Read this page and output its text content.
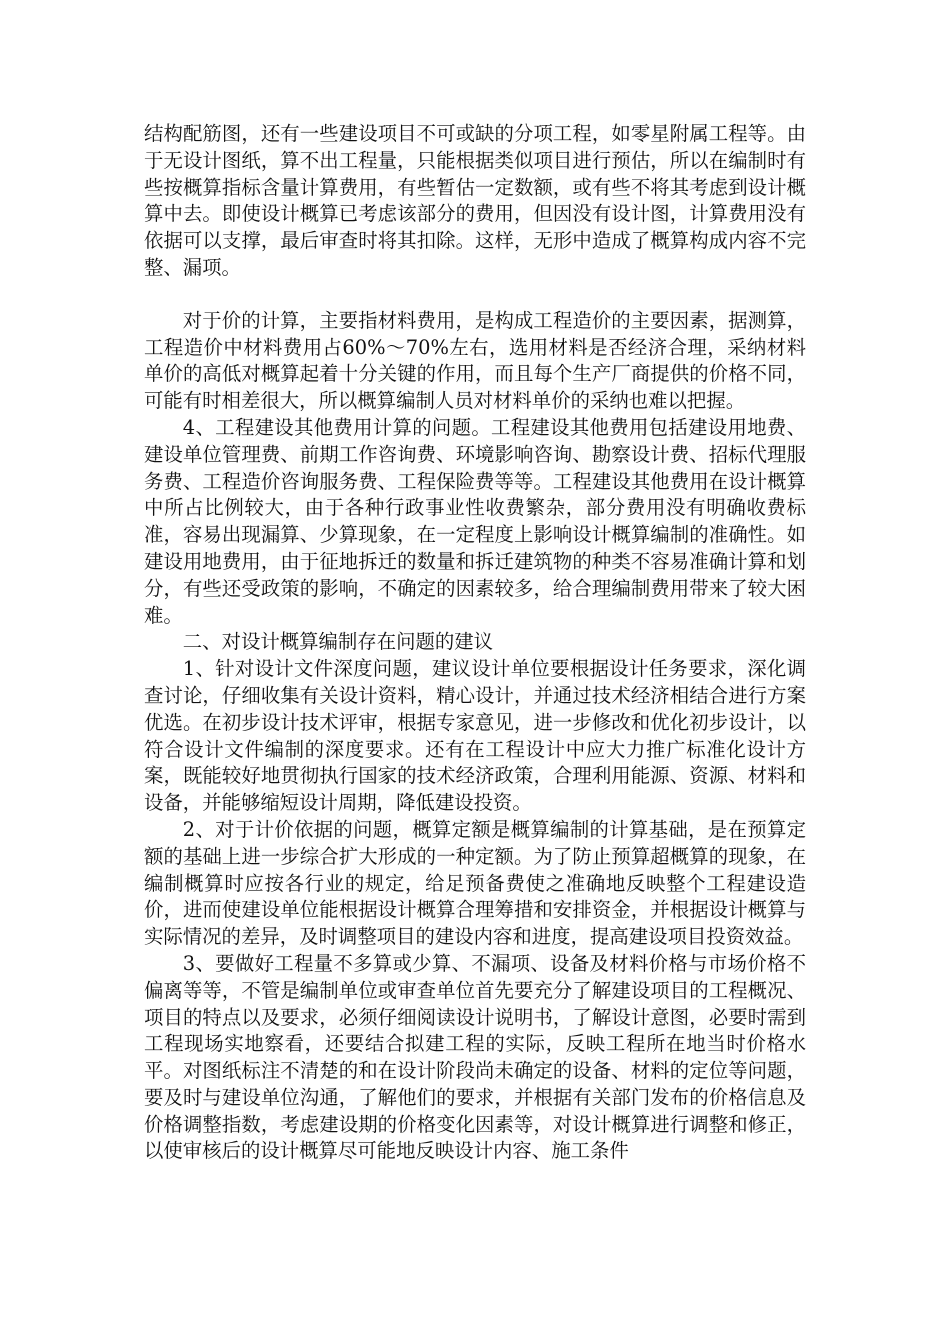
结构配筋图，还有一些建设项目不可或缺的分项工程，如零星附属工程等。由于无设计图纸，算不出工程量，只能根据类似项目进行预估，所以在编制时有些按概算指标含量计算费用，有些暂估一定数额，或有些不将其考虑到设计概算中去。即使设计概算已考虑该部分的费用，但因没有设计图，计算费用没有依据可以支撑，最后审查时将其扣除。这样，无形中造成了概算构成内容不完整、漏项。

对于价的计算，主要指材料费用，是构成工程造价的主要因素，据测算，工程造价中材料费用占60%～70%左右，选用材料是否经济合理，采纳材料单价的高低对概算起着十分关键的作用，而且每个生产厂商提供的价格不同，可能有时相差很大，所以概算编制人员对材料单价的采纳也难以把握。

4、工程建设其他费用计算的问题。工程建设其他费用包括建设用地费、建设单位管理费、前期工作咨询费、环境影响咨询、勘察设计费、招标代理服务费、工程造价咨询服务费、工程保险费等等。工程建设其他费用在设计概算中所占比例较大，由于各种行政事业性收费繁杂，部分费用没有明确收费标准，容易出现漏算、少算现象，在一定程度上影响设计概算编制的准确性。如建设用地费用，由于征地拆迁的数量和拆迁建筑物的种类不容易准确计算和划分，有些还受政策的影响，不确定的因素较多，给合理编制费用带来了较大困难。

二、对设计概算编制存在问题的建议

1、针对设计文件深度问题，建议设计单位要根据设计任务要求，深化调查讨论，仔细收集有关设计资料，精心设计，并通过技术经济相结合进行方案优选。在初步设计技术评审，根据专家意见，进一步修改和优化初步设计，以符合设计文件编制的深度要求。还有在工程设计中应大力推广标准化设计方案，既能较好地贯彻执行国家的技术经济政策，合理利用能源、资源、材料和设备，并能够缩短设计周期，降低建设投资。

2、对于计价依据的问题，概算定额是概算编制的计算基础，是在预算定额的基础上进一步综合扩大形成的一种定额。为了防止预算超概算的现象，在编制概算时应按各行业的规定，给足预备费使之准确地反映整个工程建设造价，进而使建设单位能根据设计概算合理筹措和安排资金，并根据设计概算与实际情况的差异，及时调整项目的建设内容和进度，提高建设项目投资效益。

3、要做好工程量不多算或少算、不漏项、设备及材料价格与市场价格不偏离等等，不管是编制单位或审查单位首先要充分了解建设项目的工程概况、项目的特点以及要求，必须仔细阅读设计说明书，了解设计意图，必要时需到工程现场实地察看，还要结合拟建工程的实际，反映工程所在地当时价格水平。对图纸标注不清楚的和在设计阶段尚未确定的设备、材料的定位等问题，要及时与建设单位沟通，了解他们的要求，并根据有关部门发布的价格信息及价格调整指数，考虑建设期的价格变化因素等，对设计概算进行调整和修正，以使审核后的设计概算尽可能地反映设计内容、施工条件
